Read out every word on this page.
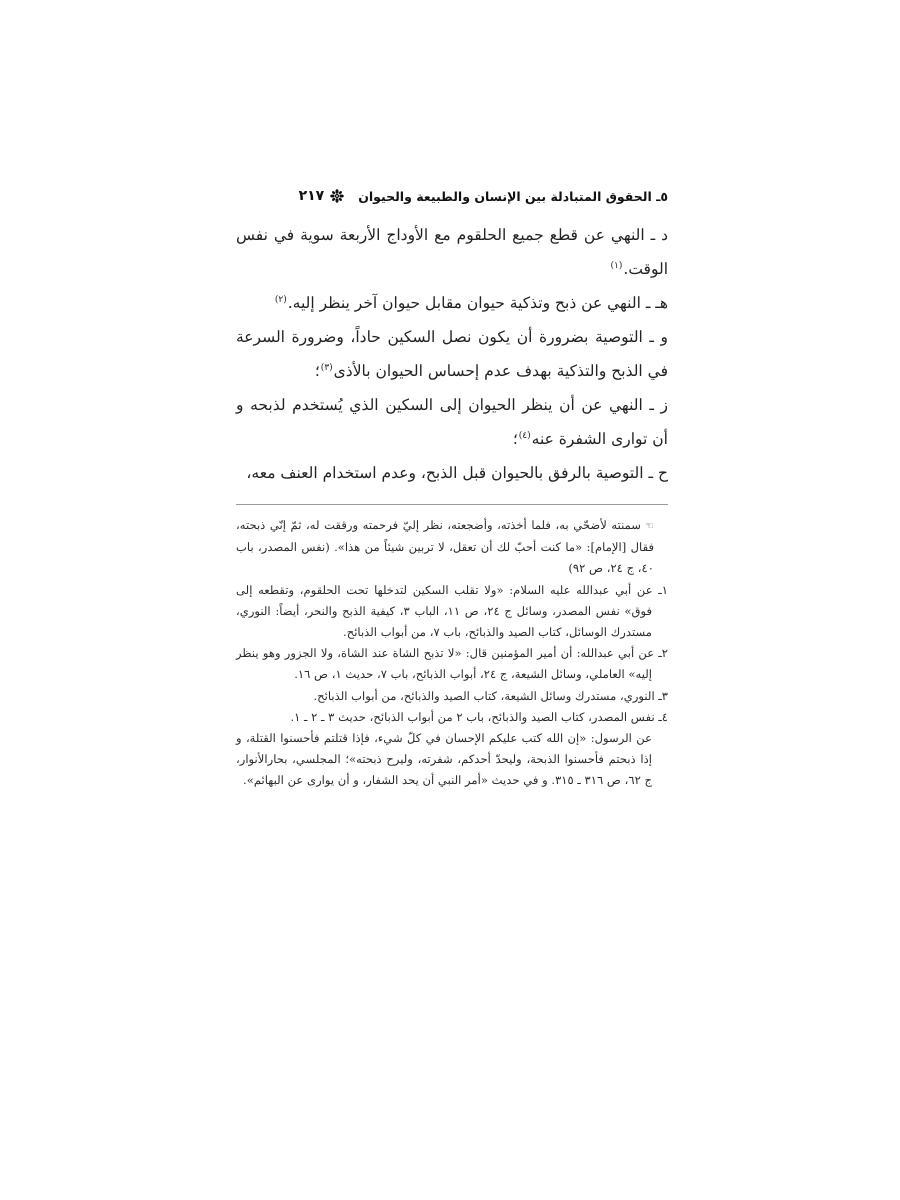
٥ـ الحقوق المتبادلة بين الإنسان والطبيعة والحيوان
٢١٧

د ـ النهي عن قطع جميع الحلقوم مع الأوداج الأربعة سوية في نفس الوقت.$^{(١)}$

هـ ـ النهي عن ذبح وتذكية حيوان مقابل حيوان آخر ينظر إليه.$^{(٢)}$

و ـ التوصية بضرورة أن يكون نصل السكين حاداً، وضرورة السرعة في الذبح والتذكية بهدف عدم إحساس الحيوان بالأذى$^{(٣)}$؛

ز ـ النهي عن أن ينظر الحيوان إلى السكين الذي يُستخدم لذبحه و أن توارى الشفرة عنه$^{(٤)}$؛

ح ـ التوصية بالرفق بالحيوان قبل الذبح، وعدم استخدام العنف معه،

☜سمنته لأضحّي به، فلما أخذته، وأضجعته، نظر إليّ فرحمته ورققت له، ثمّ إنّي ذبحته، فقال [الإمام]: «ما كنت أحبّ لك أن تعقل، لا تربين شيئاً من هذا». (نفس المصدر، باب ٤٠، ج ٢٤، ص ٩٢)

١ـ عن أبي عبدالله عليه السلام: «ولا تقلب السكين لتدخلها تحت الحلقوم، وتقطعه إلى فوق» نفس المصدر، وسائل ج ٢٤، ص ١١، الباب ٣، كيفية الذبح والنحر، أيضاً: النوري، مستدرك الوسائل، كتاب الصيد والذبائح، باب ٧، من أبواب الذبائح.

٢ـ عن أبي عبدالله: أن أمير المؤمنين قال: «لا تذبح الشاة عند الشاة، ولا الجزور وهو ينظر إليه» العاملي، وسائل الشيعة، ج ٢٤، أبواب الذبائح، باب ٧، حديث ١، ص ١٦.

٣ـ النوري، مستدرك وسائل الشيعة، كتاب الصيد والذبائح، من أبواب الذبائح.

٤ـ نفس المصدر، كتاب الصيد والذبائح، باب ٢ من أبواب الذبائح، حديث ٣ ـ ٢ ـ ١.

عن الرسول: «إن الله كتب عليكم الإحسان في كلّ شيء، فإذا قتلتم فأحسنوا القتلة، و إذا ذبحتم فأحسنوا الذبحة، وليحدّ أحدكم، شفرته، وليرح ذبحته»؛ المجلسي، بحارالأنوار، ج ٦٢، ص ٣١٦ ـ ٣١٥. و في حديث «أمر النبي أن يحد الشفار، و أن يوارى عن البهائم».
